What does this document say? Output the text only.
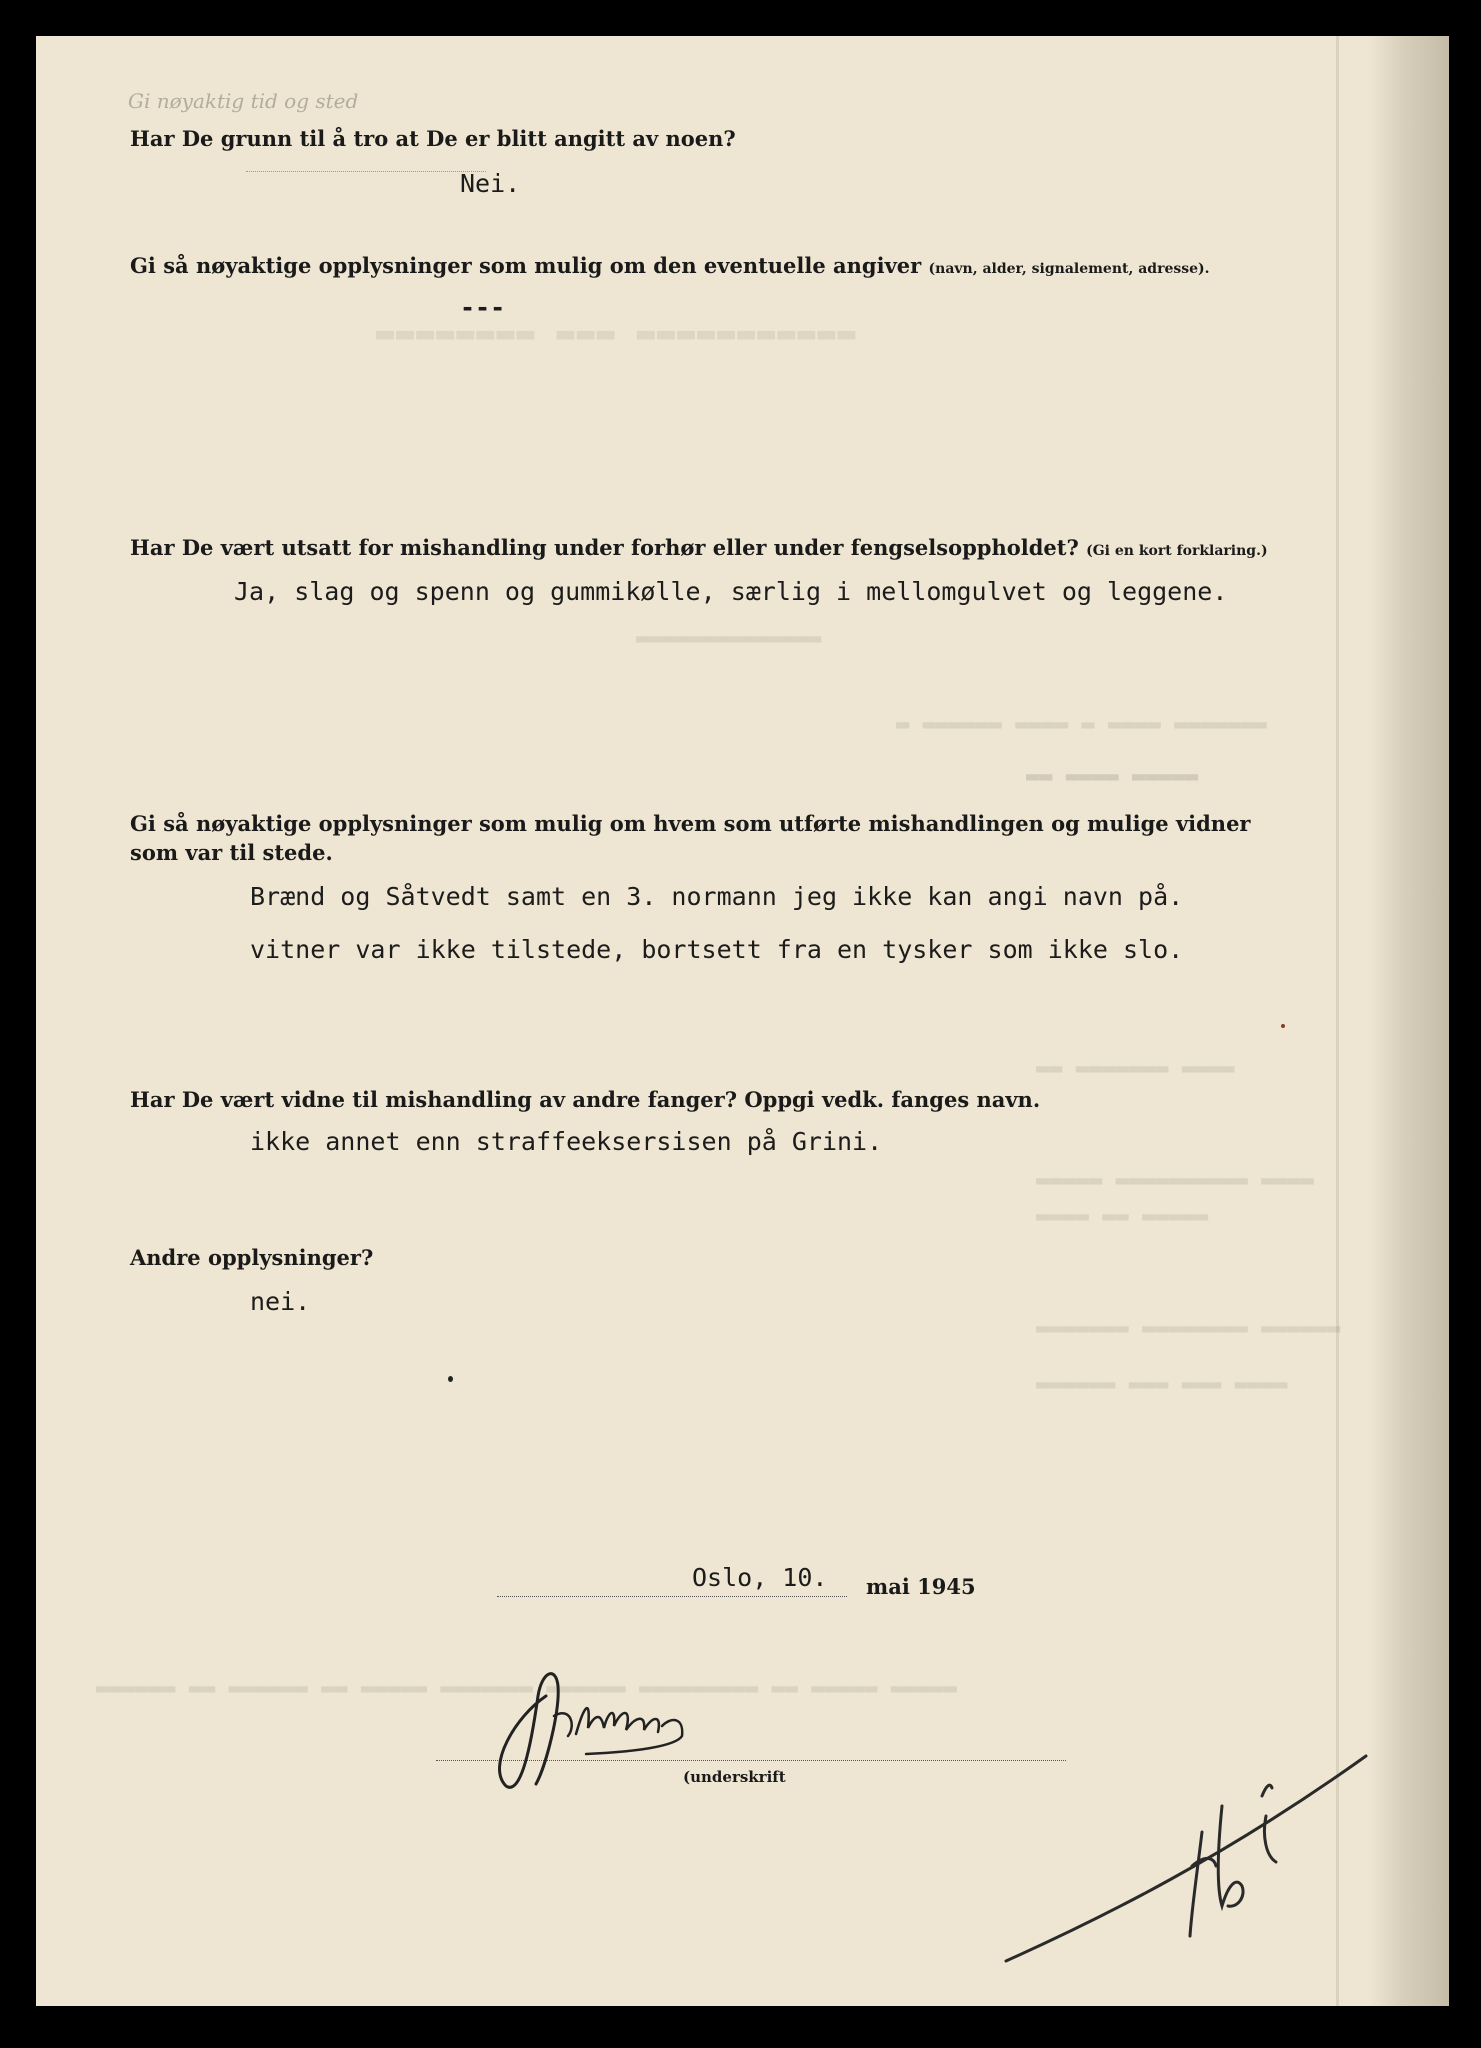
▬▬▬▬▬▬▬▬ ▬▬▬ ▬▬▬▬▬▬▬▬▬▬▬
▬▬▬▬▬▬▬▬▬▬▬▬▬▬
▬ ▬▬▬▬▬▬ ▬▬▬▬ ▬ ▬▬▬▬ ▬▬▬▬▬▬▬
▬▬ ▬▬▬▬ ▬▬▬▬▬
▬▬ ▬▬▬▬▬▬▬ ▬▬▬▬
▬▬▬▬▬ ▬▬▬▬▬▬▬▬▬▬ ▬▬▬▬
▬▬▬▬ ▬▬ ▬▬▬▬▬
▬▬▬▬▬▬▬ ▬▬▬▬▬▬▬▬ ▬▬▬▬▬▬
▬▬▬▬▬▬ ▬▬▬ ▬▬▬ ▬▬▬▬
▬▬▬▬▬▬ ▬▬ ▬▬▬▬▬▬ ▬▬ ▬▬▬▬▬ ▬▬▬▬▬▬▬ ▬▬▬▬▬▬ ▬▬▬▬▬▬▬▬▬ ▬▬ ▬▬▬▬▬ ▬▬▬▬▬
Gi nøyaktig tid og sted
Har De grunn til å tro at De er blitt angitt av noen?
Nei.
Gi så nøyaktige opplysninger som mulig om den eventuelle angiver (navn, alder, signalement, adresse).
---
Har De vært utsatt for mishandling under forhør eller under fengselsoppholdet? (Gi en kort forklaring.)
Ja, slag og spenn og gummikølle, særlig i mellomgulvet og leggene.
Gi så nøyaktige opplysninger som mulig om hvem som utførte mishandlingen og mulige vidner
som var til stede.
Brænd og Såtvedt samt en 3. normann jeg ikke kan angi navn på.
vitner var ikke tilstede, bortsett fra en tysker som ikke slo.
Har De vært vidne til mishandling av andre fanger? Oppgi vedk. fanges navn.
ikke annet enn straffeeksersisen på Grini.
Andre opplysninger?
nei.
Oslo, 10. mai 1945
(underskrift
